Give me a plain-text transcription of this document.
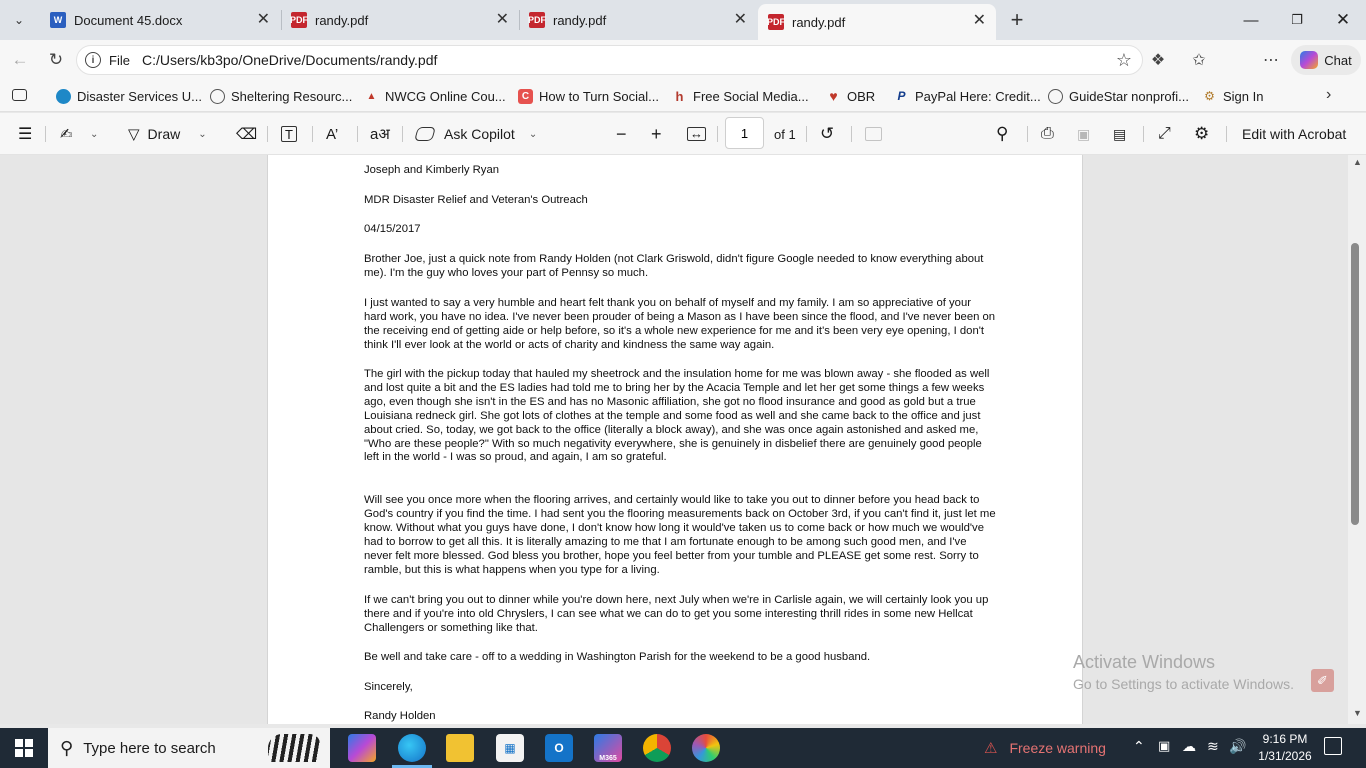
⌄	W Document 45.docx	✕ PDF randy.pdf	✕ PDF randy.pdf	✕ PDF randy.pdf	✕ +	—	❐ ✕
← ↻	i	File C:/Users/kb3po/OneDrive/Documents/randy.pdf	☆ ❖ ✩	⋯	Chat
Disaster Services U... Sheltering Resourc... ▲ NWCG Online Cou...	C How to Turn Social... h Free Social Media... ♥ OBR P PayPal Here: Credit... GuideStar nonprofi... ⚙ Sign In	›
☰ ✍ ⌄ ▽ Draw ⌄ ⌫	T A’ aअ	Ask Copilot ⌄	− + ↔
1	of 1 ↺	⚲ ⎙ ▣ ▤ ⤢ ⚙ Edit with Acrobat
Joseph and Kimberly Ryan
MDR Disaster Relief and Veteran's Outreach
04/15/2017
Brother Joe, just a quick note from Randy Holden (not Clark Griswold, didn't figure Google needed to know everything about me). I'm the guy who loves your part of Pennsy so much.
I just wanted to say a very humble and heart felt thank you on behalf of myself and my family. I am so appreciative of your hard work, you have no idea. I've never been prouder of being a Mason as I have been since the flood, and I've never been on the receiving end of getting aide or help before, so it's a whole new experience for me and it's been very eye opening, I don't think I'll ever look at the world or acts of charity and kindness the same way again.
The girl with the pickup today that hauled my sheetrock and the insulation home for me was blown away - she flooded as well and lost quite a bit and the ES ladies had told me to bring her by the Acacia Temple and let her get some things a few weeks ago, even though she isn't in the ES and has no Masonic affiliation, she got no flood insurance and good as gold but a true Louisiana redneck girl. She got lots of clothes at the temple and some food as well and she came back to the office and just about cried. So, today, we got back to the office (literally a block away), and she was once again astonished and asked me, "Who are these people?" With so much negativity everywhere, she is genuinely in disbelief there are genuinely good people left in the world - I was so proud, and again, I am so grateful.
Will see you once more when the flooring arrives, and certainly would like to take you out to dinner before you head back to God's country if you find the time. I had sent you the flooring measurements back on October 3rd, if you can't find it, just let me know. Without what you guys have done, I don't know how long it would've taken us to come back or how much we would've had to borrow to get all this. It is literally amazing to me that I am fortunate enough to be among such good men, and I've never felt more blessed. God bless you brother, hope you feel better from your tumble and PLEASE get some rest. Sorry to ramble, but this is what happens when you type for a living.
If we can't bring you out to dinner while you're down here, next July when we're in Carlisle again, we will certainly look you up there and if you're into old Chryslers, I can see what we can do to get you some interesting thrill rides in some new Hellcat Challengers or something like that.
Be well and take care - off to a wedding in Washington Parish for the weekend to be a good husband.
Sincerely,
Randy Holden
▲
▼
Activate Windows
Go to Settings to activate Windows.	✐
⚲ Type here to search	▦	O
M365
⚠ Freeze warning ⌃ ▣ ☁ ≋ 🔊	9:16 PM
1/31/2026
